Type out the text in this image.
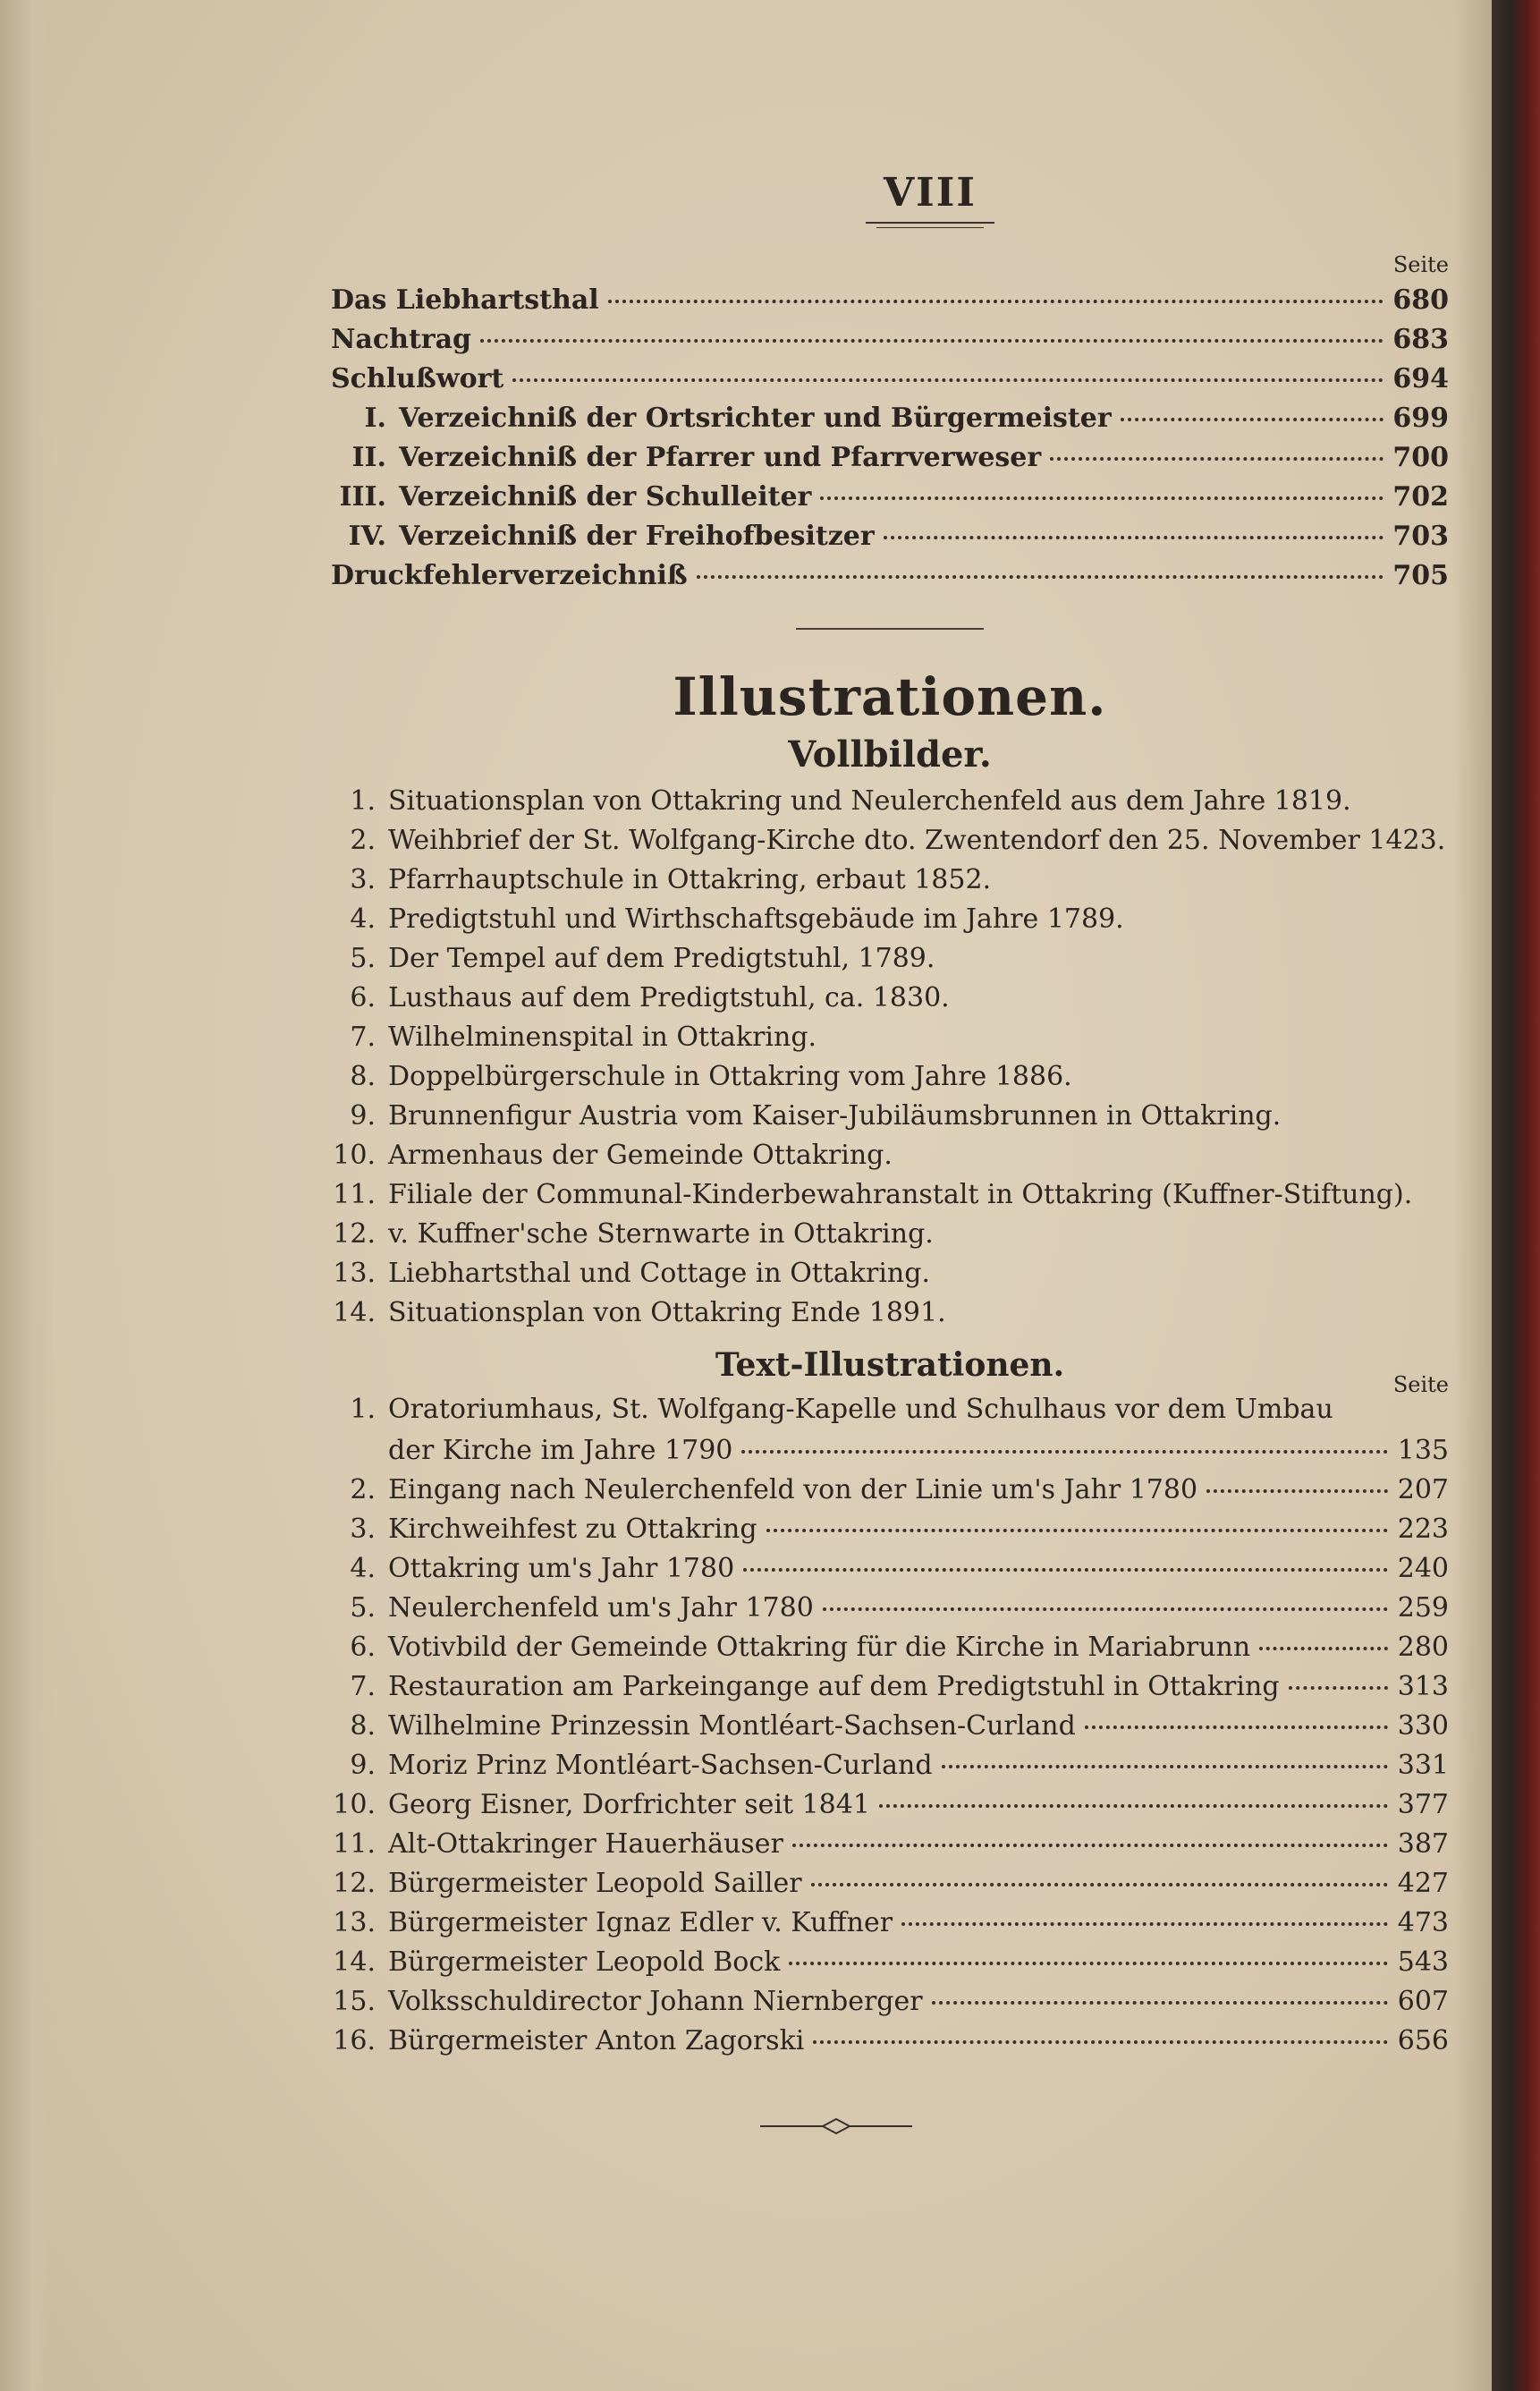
VIII
Seite
Das Liebhartsthal	680
Nachtrag	683
Schlußwort	694
I. Verzeichniß der Ortsrichter und Bürgermeister	699
II. Verzeichniß der Pfarrer und Pfarrverweser	700
III. Verzeichniß der Schulleiter	702
IV. Verzeichniß der Freihofbesitzer	703
Druckfehlerverzeichniß	705
Illustrationen.
Vollbilder.
1. Situationsplan von Ottakring und Neulerchenfeld aus dem Jahre 1819.
2. Weihbrief der St. Wolfgang-Kirche dto. Zwentendorf den 25. November 1423.
3. Pfarrhauptschule in Ottakring, erbaut 1852.
4. Predigtstuhl und Wirthschaftsgebäude im Jahre 1789.
5. Der Tempel auf dem Predigtstuhl, 1789.
6. Lusthaus auf dem Predigtstuhl, ca. 1830.
7. Wilhelminenspital in Ottakring.
8. Doppelbürgerschule in Ottakring vom Jahre 1886.
9. Brunnenfigur Austria vom Kaiser-Jubiläumsbrunnen in Ottakring.
10. Armenhaus der Gemeinde Ottakring.
11. Filiale der Communal-Kinderbewahranstalt in Ottakring (Kuffner-Stiftung).
12. v. Kuffner'sche Sternwarte in Ottakring.
13. Liebhartsthal und Cottage in Ottakring.
14. Situationsplan von Ottakring Ende 1891.
Text-Illustrationen.
Seite
1. Oratoriumhaus, St. Wolfgang-Kapelle und Schulhaus vor dem Umbau
der Kirche im Jahre 1790	135
2. Eingang nach Neulerchenfeld von der Linie um's Jahr 1780	207
3. Kirchweihfest zu Ottakring	223
4. Ottakring um's Jahr 1780	240
5. Neulerchenfeld um's Jahr 1780	259
6. Votivbild der Gemeinde Ottakring für die Kirche in Mariabrunn	280
7. Restauration am Parkeingange auf dem Predigtstuhl in Ottakring	313
8. Wilhelmine Prinzessin Montléart-Sachsen-Curland	330
9. Moriz Prinz Montléart-Sachsen-Curland	331
10. Georg Eisner, Dorfrichter seit 1841	377
11. Alt-Ottakringer Hauerhäuser	387
12. Bürgermeister Leopold Sailler	427
13. Bürgermeister Ignaz Edler v. Kuffner	473
14. Bürgermeister Leopold Bock	543
15. Volksschuldirector Johann Niernberger	607
16. Bürgermeister Anton Zagorski	656
